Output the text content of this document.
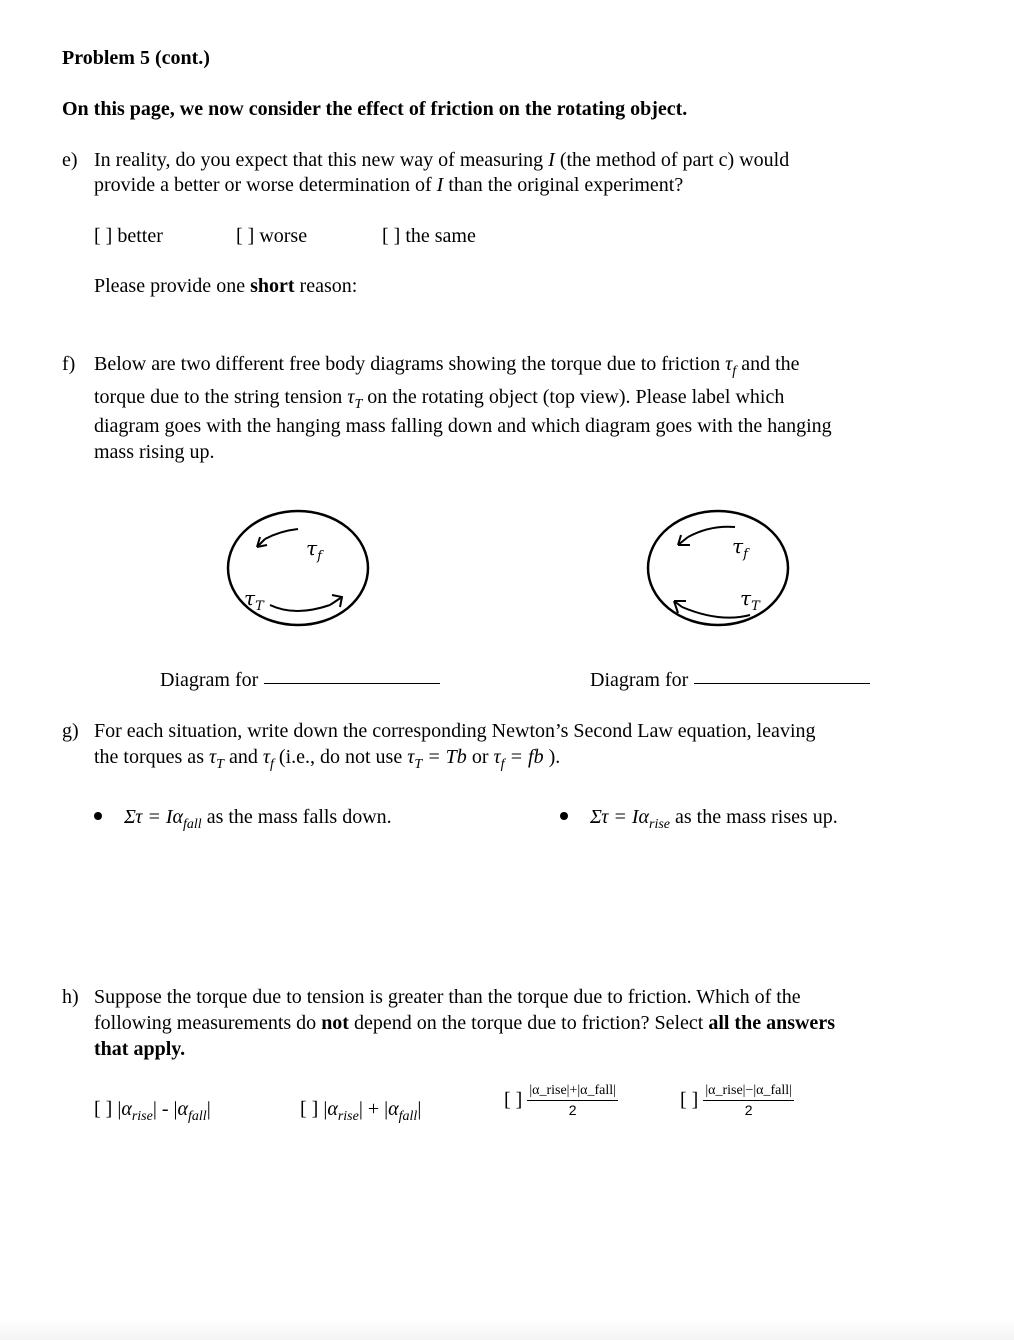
Problem 5 (cont.)
On this page, we now consider the effect of friction on the rotating object.
e) In reality, do you expect that this new way of measuring I (the method of part c) would
provide a better or worse determination of I than the original experiment?
[ ] better	[ ] worse	[ ] the same
Please provide one short reason:
f) Below are two different free body diagrams showing the torque due to friction $\tau_f$ and the
torque due to the string tension $\tau_T$ on the rotating object (top view). Please label which
diagram goes with the hanging mass falling down and which diagram goes with the hanging
mass rising up.
$\tau_f$
$\tau_T$
$\tau_f$
$\tau_T$
Diagram for	Diagram for
g) For each situation, write down the corresponding Newton’s Second Law equation, leaving
the torques as $\tau_T$ and $\tau_f$ (i.e., do not use $\tau_T = Tb$ or $\tau_f$ = fb ).
$\Sigma\tau = I\alpha_{fall}$ as the mass falls down.	$\Sigma\tau = I\alpha_{rise}$ as the mass rises up.
h) Suppose the torque due to tension is greater than the torque due to friction. Which of the
following measurements do not depend on the torque due to friction? Select all the answers
that apply.
[ ] $|\alpha_{rise}| - |\alpha_{fall}|$	[ ] $|\alpha_{rise}| + |\alpha_{fall}|$	[ ] $\frac{\text{|α\_rise|+|α\_fall|}}{2}$	[ ] $\frac{\text{|α\_rise|−|α\_fall|}}{2}$
